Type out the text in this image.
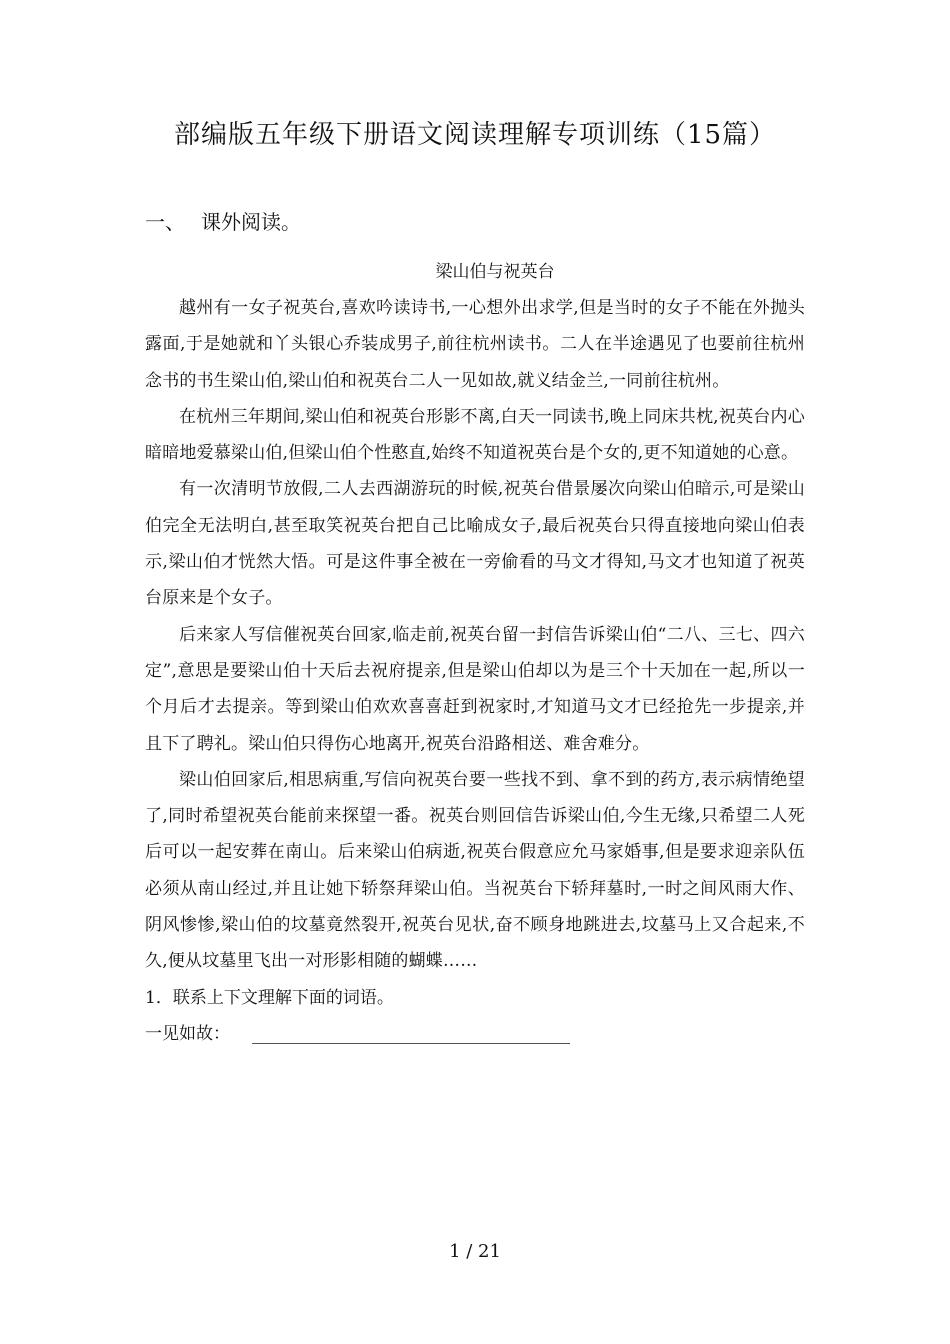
部编版五年级下册语文阅读理解专项训练（15篇）
一、 课外阅读。
梁山伯与祝英台

越州有一女子祝英台,喜欢吟读诗书,一心想外出求学,但是当时的女子不能在外抛头露面,于是她就和丫头银心乔装成男子,前往杭州读书。二人在半途遇见了也要前往杭州念书的书生梁山伯,梁山伯和祝英台二人一见如故,就义结金兰,一同前往杭州。

在杭州三年期间,梁山伯和祝英台形影不离,白天一同读书,晚上同床共枕,祝英台内心暗暗地爱慕梁山伯,但梁山伯个性憨直,始终不知道祝英台是个女的,更不知道她的心意。

有一次清明节放假,二人去西湖游玩的时候,祝英台借景屡次向梁山伯暗示,可是梁山伯完全无法明白,甚至取笑祝英台把自己比喻成女子,最后祝英台只得直接地向梁山伯表示,梁山伯才恍然大悟。可是这件事全被在一旁偷看的马文才得知,马文才也知道了祝英台原来是个女子。

后来家人写信催祝英台回家,临走前,祝英台留一封信告诉梁山伯“二八、三七、四六定”,意思是要梁山伯十天后去祝府提亲,但是梁山伯却以为是三个十天加在一起,所以一个月后才去提亲。等到梁山伯欢欢喜喜赶到祝家时,才知道马文才已经抢先一步提亲,并且下了聘礼。梁山伯只得伤心地离开,祝英台沿路相送、难舍难分。

梁山伯回家后,相思病重,写信向祝英台要一些找不到、拿不到的药方,表示病情绝望了,同时希望祝英台能前来探望一番。祝英台则回信告诉梁山伯,今生无缘,只希望二人死后可以一起安葬在南山。后来梁山伯病逝,祝英台假意应允马家婚事,但是要求迎亲队伍必须从南山经过,并且让她下轿祭拜梁山伯。当祝英台下轿拜墓时,一时之间风雨大作、阴风惨惨,梁山伯的坟墓竟然裂开,祝英台见状,奋不顾身地跳进去,坟墓马上又合起来,不久,便从坟墓里飞出一对形影相随的蝴蝶……

1．联系上下文理解下面的词语。

一见如故：

1 / 21
